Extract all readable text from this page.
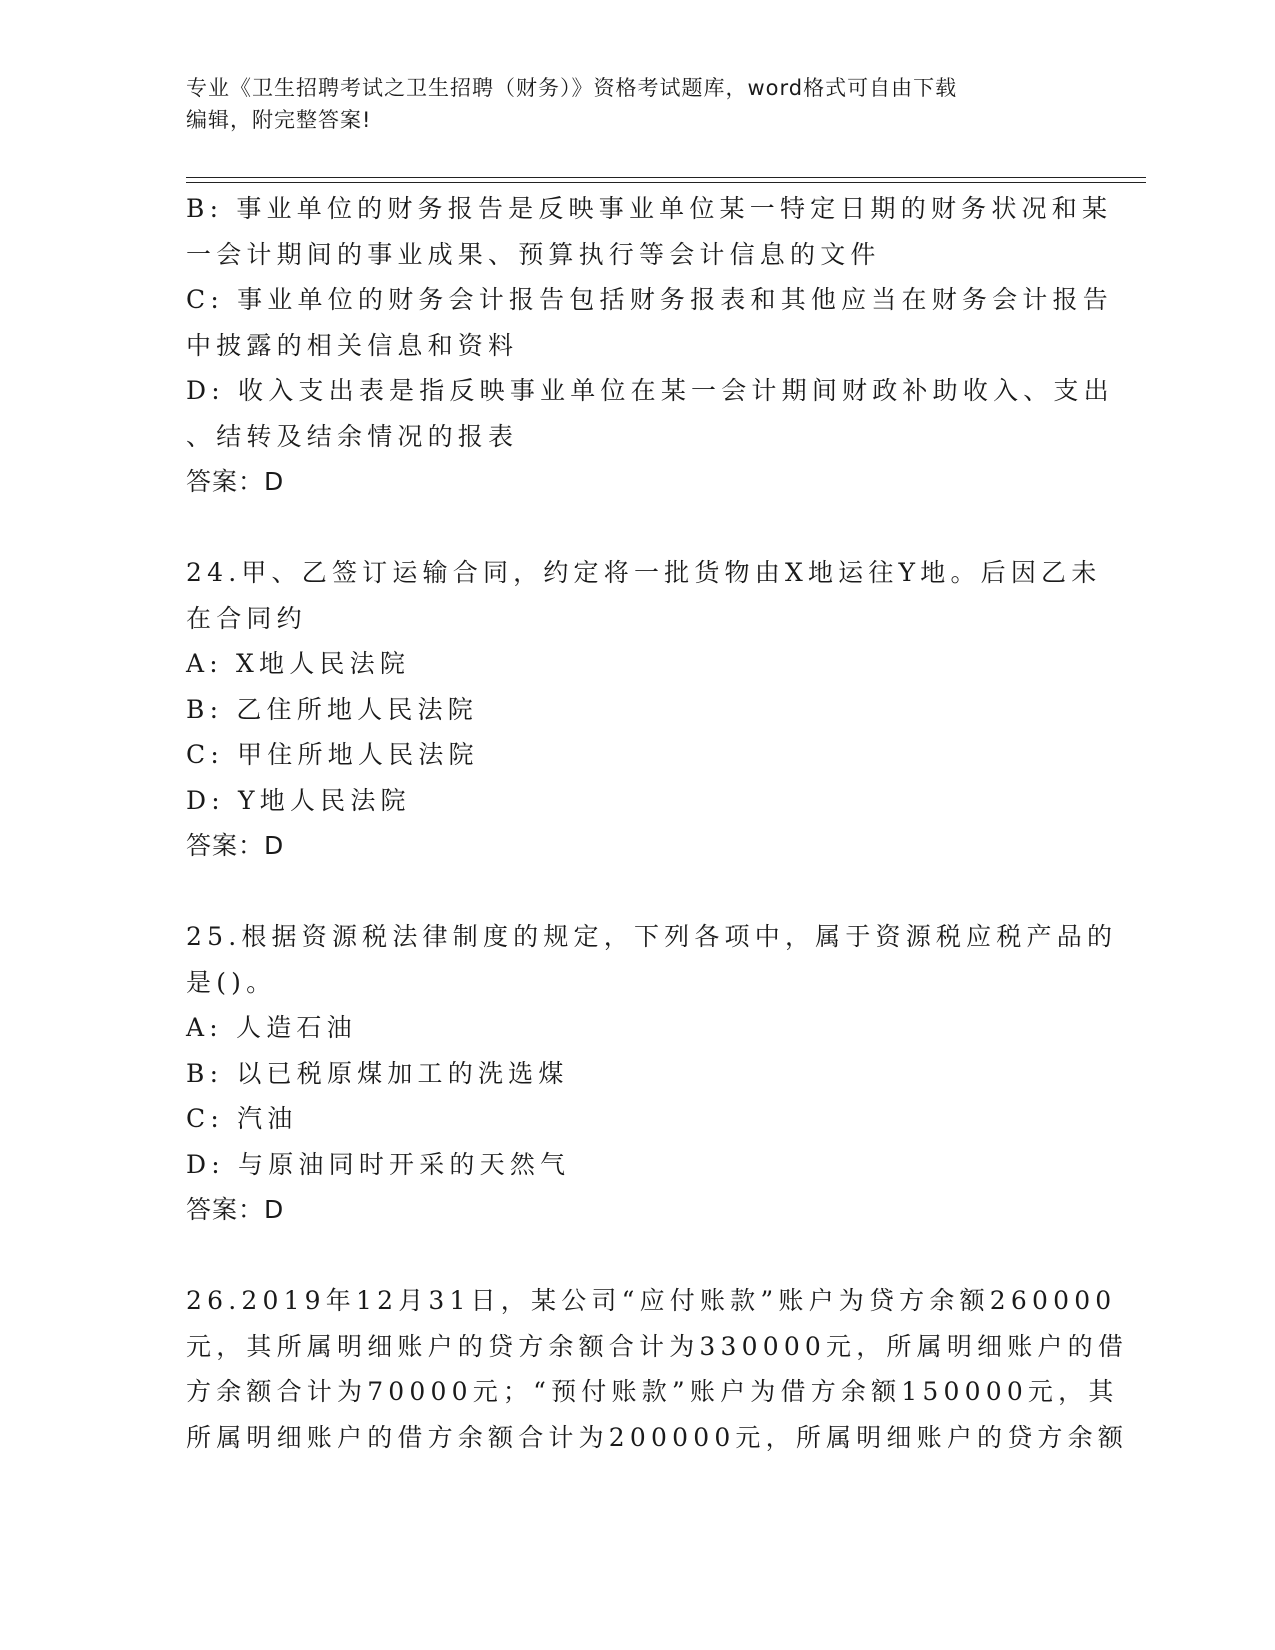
专业《卫生招聘考试之卫生招聘（财务）》资格考试题库，word格式可自由下载
编辑，附完整答案!
B: 事业单位的财务报告是反映事业单位某一特定日期的财务状况和某
一会计期间的事业成果、预算执行等会计信息的文件
C: 事业单位的财务会计报告包括财务报表和其他应当在财务会计报告
中披露的相关信息和资料
D: 收入支出表是指反映事业单位在某一会计期间财政补助收入、支出
、结转及结余情况的报表
答案：D
24.甲、乙签订运输合同，约定将一批货物由X地运往Y地。后因乙未
在合同约
A: X地人民法院
B: 乙住所地人民法院
C: 甲住所地人民法院
D: Y地人民法院
答案：D
25.根据资源税法律制度的规定，下列各项中，属于资源税应税产品的
是()。
A: 人造石油
B: 以已税原煤加工的洗选煤
C: 汽油
D: 与原油同时开采的天然气
答案：D
26.2019年12月31日，某公司“应付账款”账户为贷方余额260000
元，其所属明细账户的贷方余额合计为330000元，所属明细账户的借
方余额合计为70000元；“预付账款”账户为借方余额150000元，其
所属明细账户的借方余额合计为200000元，所属明细账户的贷方余额
